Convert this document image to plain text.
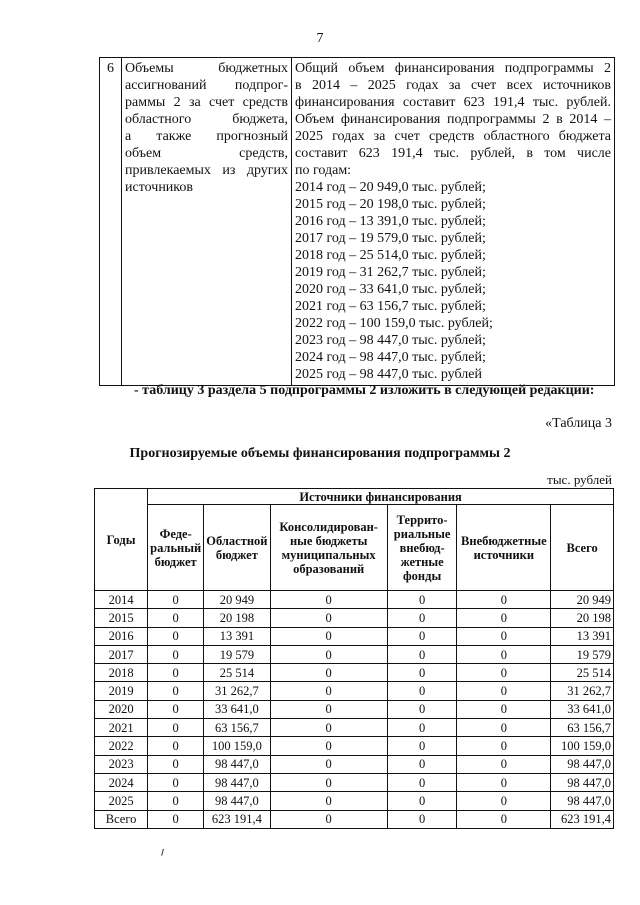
7
6	Объемы бюджетных
ассигнований подпрог-
раммы 2 за счет средств
областного бюджета,
а также прогнозный
объем средств,
привлекаемых из других
источников

Общий объем финансирования подпрограммы 2
в 2014 – 2025 годах за счет всех источников
финансирования составит 623 191,4 тыс. рублей.
Объем финансирования подпрограммы 2 в 2014 –
2025 годах за счет средств областного бюджета
составит 623 191,4 тыс. рублей, в том числе
по годам:
2014 год – 20 949,0 тыс. рублей;
2015 год – 20 198,0 тыс. рублей;
2016 год – 13 391,0 тыс. рублей;
2017 год – 19 579,0 тыс. рублей;
2018 год – 25 514,0 тыс. рублей;
2019 год – 31 262,7 тыс. рублей;
2020 год – 33 641,0 тыс. рублей;
2021 год – 63 156,7 тыс. рублей;
2022 год – 100 159,0 тыс. рублей;
2023 год – 98 447,0 тыс. рублей;
2024 год – 98 447,0 тыс. рублей;
2025 год – 98 447,0 тыс. рублей
- таблицу 3 раздела 5 подпрограммы 2 изложить в следующей редакции:
«Таблица 3
Прогнозируемые объемы финансирования подпрограммы 2
тыс. рублей
Годы	Источники финансирования					
	Феде-
ральный
бюджет	Областной
бюджет	Консолидирован-
ные бюджеты
муниципальных
образований	Террито-
риальные
внебюд-
жетные
фонды	Внебюджетные
источники	Всего
2014	0	20 949	0	0	0	20 949
2015	0	20 198	0	0	0	20 198
2016	0	13 391	0	0	0	13 391
2017	0	19 579	0	0	0	19 579
2018	0	25 514	0	0	0	25 514
2019	0	31 262,7	0	0	0	31 262,7
2020	0	33 641,0	0	0	0	33 641,0
2021	0	63 156,7	0	0	0	63 156,7
2022	0	100 159,0	0	0	0	100 159,0
2023	0	98 447,0	0	0	0	98 447,0
2024	0	98 447,0	0	0	0	98 447,0
2025	0	98 447,0	0	0	0	98 447,0
Всего	0	623 191,4	0	0	0	623 191,4
